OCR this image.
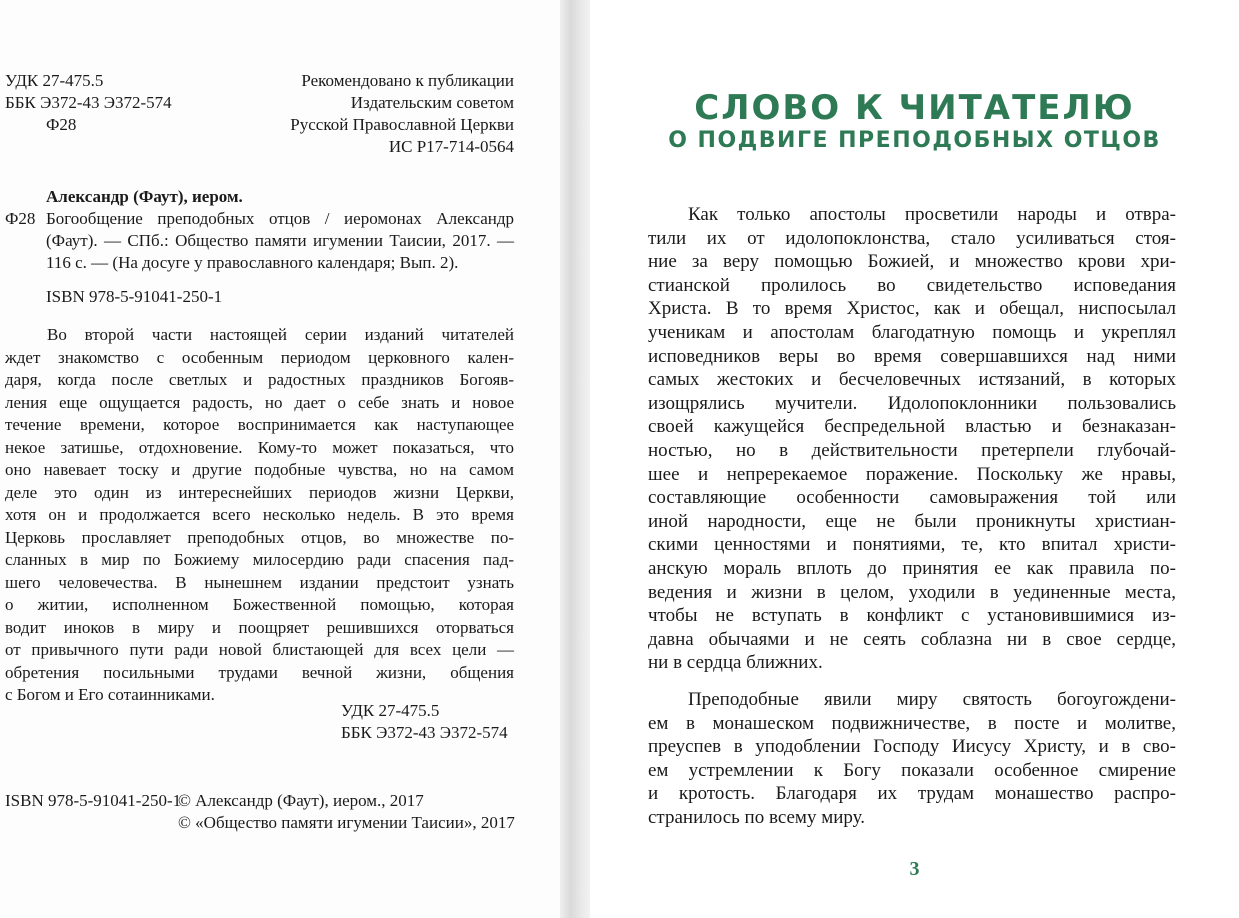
УДК 27-475.5
ББК Э372-43 Э372-574
Ф28
Рекомендовано к публикации
Издательским советом
Русской Православной Церкви
ИС Р17-714-0564
Александр (Фаут), иером.
Ф28 Богообщение преподобных отцов / иеромонах Александр
(Фаут). — СПб.: Общество памяти игумении Таисии, 2017. —
116 с. — (На досуге у православного календаря; Вып. 2).
ISBN 978-5-91041-250-1
Во второй части настоящей серии изданий читателей
ждет знакомство с особенным периодом церковного кален-
даря, когда после светлых и радостных праздников Богояв-
ления еще ощущается радость, но дает о себе знать и новое
течение времени, которое воспринимается как наступающее
некое затишье, отдохновение. Кому-то может показаться, что
оно навевает тоску и другие подобные чувства, но на самом
деле это один из интереснейших периодов жизни Церкви,
хотя он и продолжается всего несколько недель. В это время
Церковь прославляет преподобных отцов, во множестве по-
сланных в мир по Божиему милосердию ради спасения пад-
шего человечества. В нынешнем издании предстоит узнать
о житии, исполненном Божественной помощью, которая
водит иноков в миру и поощряет решившихся оторваться
от привычного пути ради новой блистающей для всех цели —
обретения посильными трудами вечной жизни, общения
с Богом и Его сотаинниками.
УДК 27-475.5
ББК Э372-43 Э372-574
ISBN 978-5-91041-250-1
© Александр (Фаут), иером., 2017
© «Общество памяти игумении Таисии», 2017
СЛОВО К ЧИТАТЕЛЮ
О ПОДВИГЕ ПРЕПОДОБНЫХ ОТЦОВ
Как только апостолы просветили народы и отвра-
тили их от идолопоклонства, стало усиливаться стоя-
ние за веру помощью Божией, и множество крови хри-
стианской пролилось во свидетельство исповедания
Христа. В то время Христос, как и обещал, ниспосылал
ученикам и апостолам благодатную помощь и укреплял
исповедников веры во время совершавшихся над ними
самых жестоких и бесчеловечных истязаний, в которых
изощрялись мучители. Идолопоклонники пользовались
своей кажущейся беспредельной властью и безнаказан-
ностью, но в действительности претерпели глубочай-
шее и непререкаемое поражение. Поскольку же нравы,
составляющие особенности самовыражения той или
иной народности, еще не были проникнуты христиан-
скими ценностями и понятиями, те, кто впитал христи-
анскую мораль вплоть до принятия ее как правила по-
ведения и жизни в целом, уходили в уединенные места,
чтобы не вступать в конфликт с установившимися из-
давна обычаями и не сеять соблазна ни в свое сердце,
ни в сердца ближних.
Преподобные явили миру святость богоугождени-
ем в монашеском подвижничестве, в посте и молитве,
преуспев в уподоблении Господу Иисусу Христу, и в сво-
ем устремлении к Богу показали особенное смирение
и кротость. Благодаря их трудам монашество распро-
странилось по всему миру.
3
